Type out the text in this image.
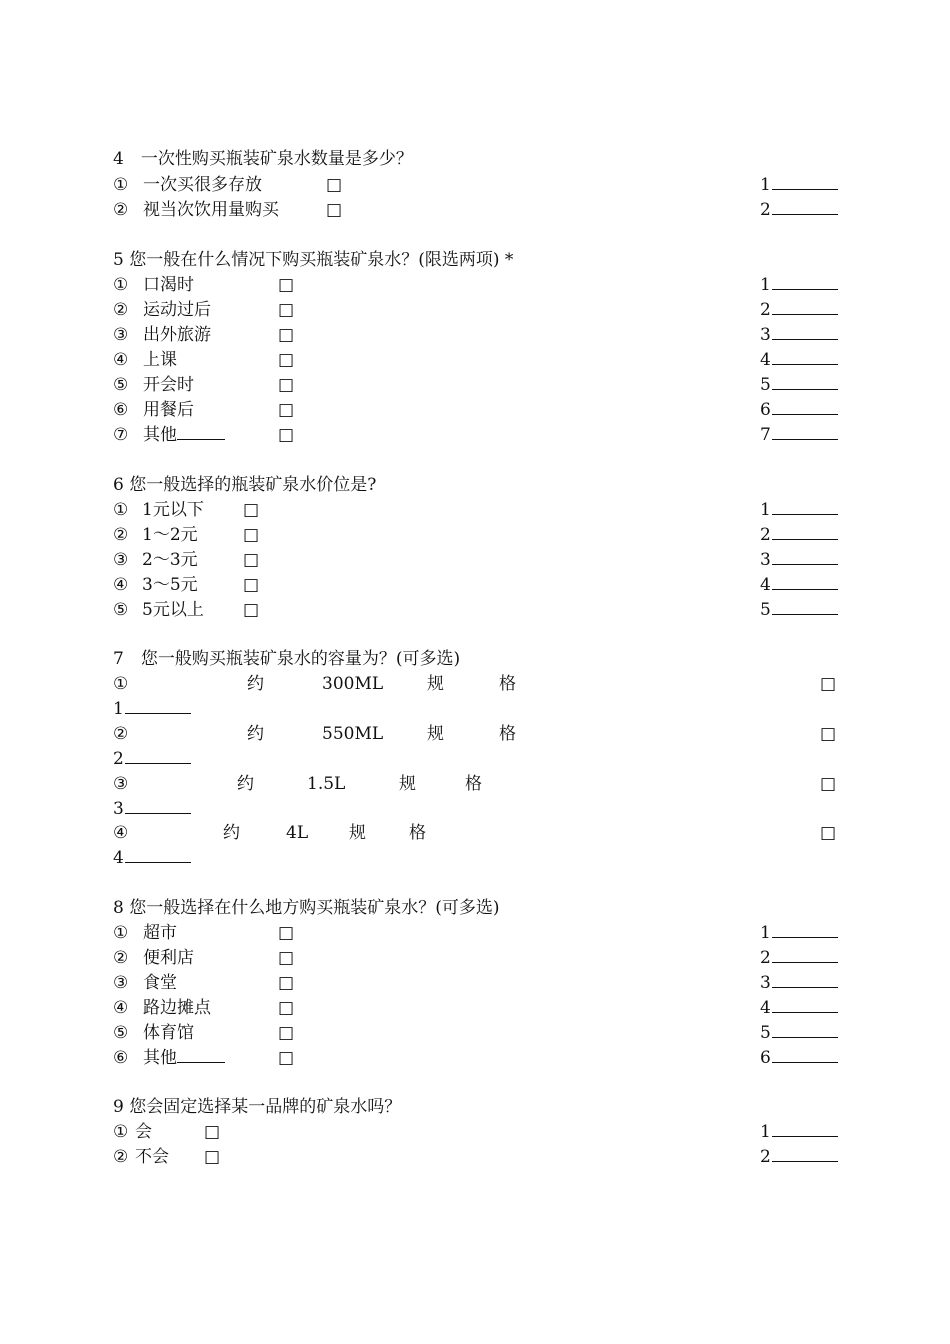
4　一次性购买瓶装矿泉水数量是多少？
① 一次买很多存放	□	1
② 视当次饮用量购买	□	2
5 您一般在什么情况下购买瓶装矿泉水？(限选两项) *
① 口渴时	□	1
② 运动过后	□	2
③ 出外旅游	□	3
④ 上课	□	4
⑤ 开会时	□	5
⑥ 用餐后	□	6
⑦ 其他	□	7
6 您一般选择的瓶装矿泉水价位是?
① 1元以下 □	1
② 1～2元	□	2
③ 2～3元	□	3
④ 3～5元	□	4
⑤ 5元以上 □	5
7　您一般购买瓶装矿泉水的容量为？(可多选)
①	约	300ML	规	格	□
1
②	约	550ML	规	格	□
2
③	约	1.5L	规	格	□
3
④	约	4L 规	格	□
4
8 您一般选择在什么地方购买瓶装矿泉水？(可多选)
① 超市	□	1
② 便利店	□	2
③ 食堂	□	3
④ 路边摊点	□	4
⑤ 体育馆	□	5
⑥ 其他	□	6
9 您会固定选择某一品牌的矿泉水吗？
① 会	□	1
② 不会 □	2
